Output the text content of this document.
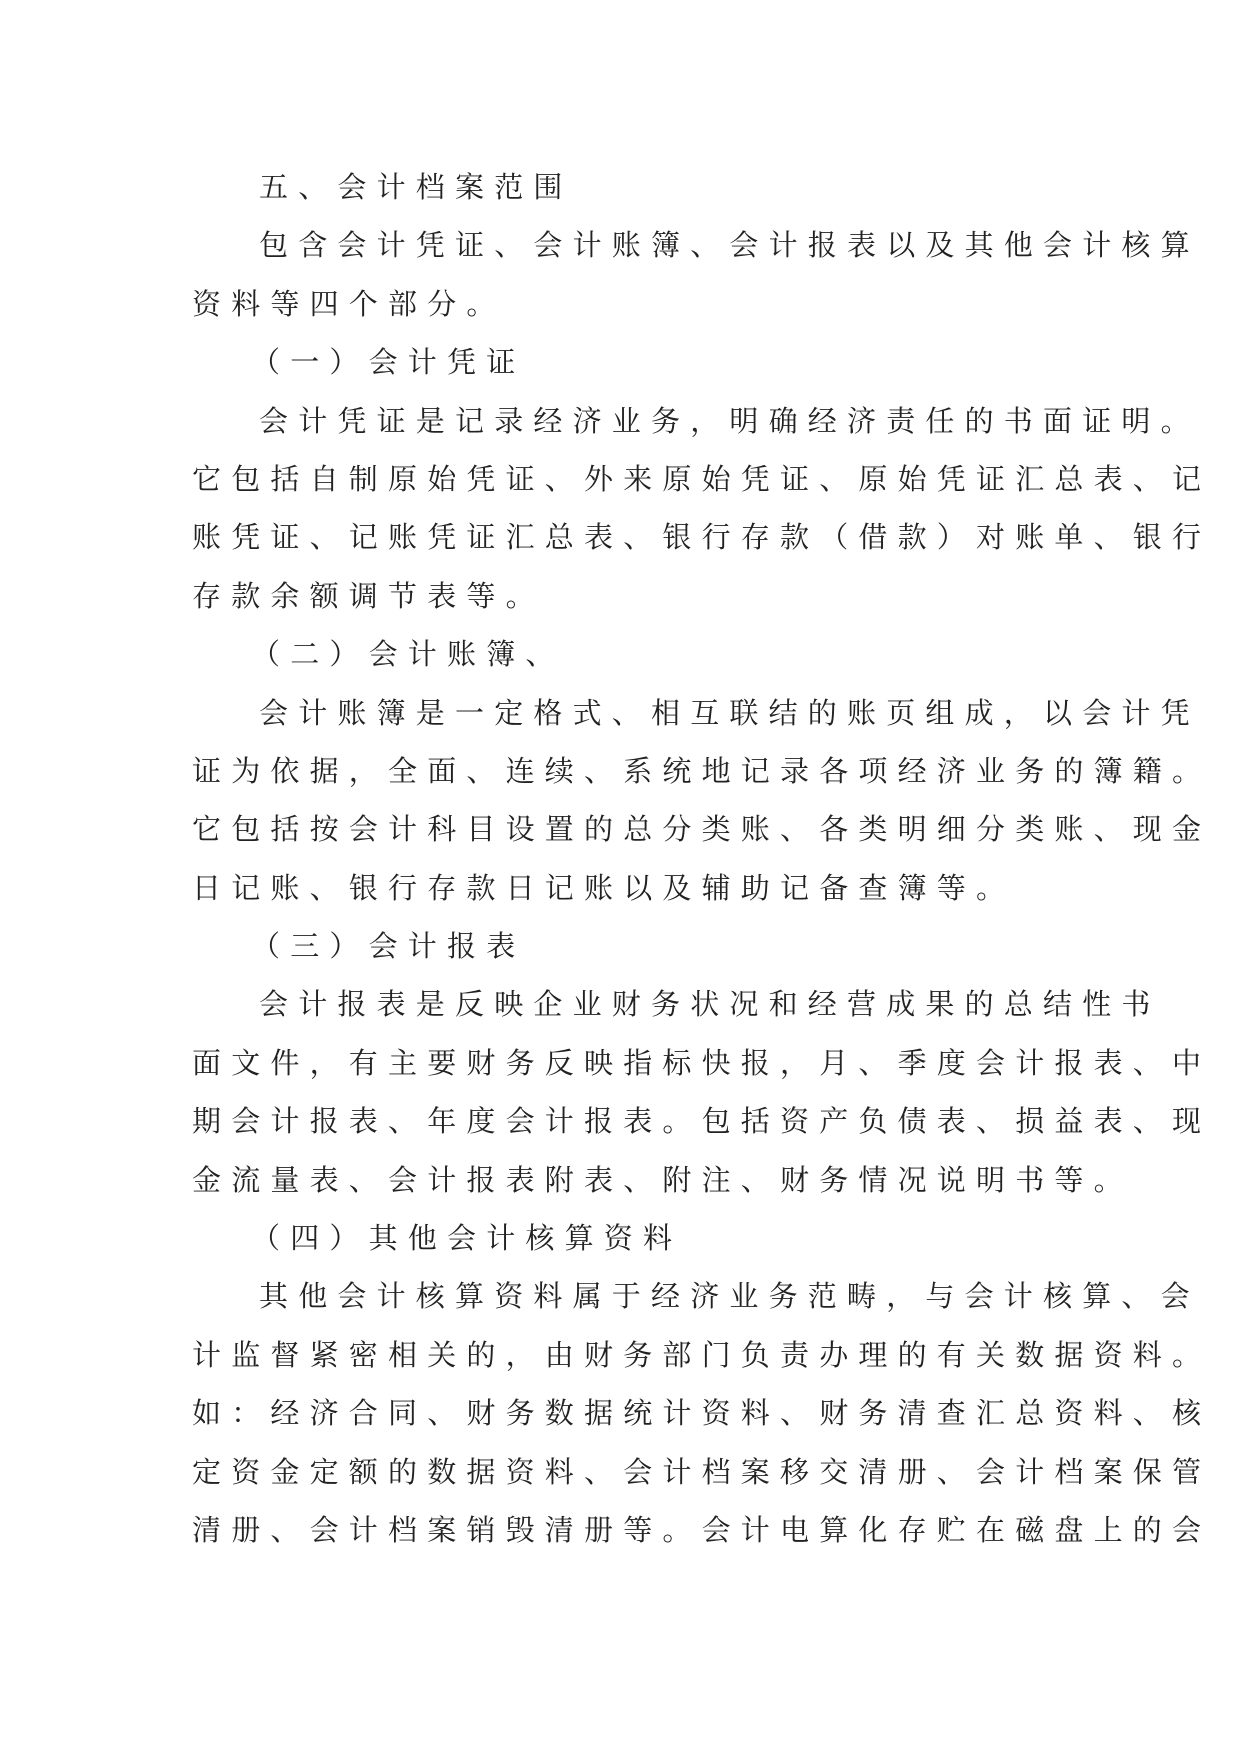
五、会计档案范围
包含会计凭证、会计账簿、会计报表以及其他会计核算
资料等四个部分。
（一）会计凭证
会计凭证是记录经济业务，明确经济责任的书面证明。
它包括自制原始凭证、外来原始凭证、原始凭证汇总表、记
账凭证、记账凭证汇总表、银行存款（借款）对账单、银行
存款余额调节表等。
（二）会计账簿、
会计账簿是一定格式、相互联结的账页组成，以会计凭
证为依据，全面、连续、系统地记录各项经济业务的簿籍。
它包括按会计科目设置的总分类账、各类明细分类账、现金
日记账、银行存款日记账以及辅助记备查簿等。
（三）会计报表
会计报表是反映企业财务状况和经营成果的总结性书
面文件，有主要财务反映指标快报，月、季度会计报表、中
期会计报表、年度会计报表。包括资产负债表、损益表、现
金流量表、会计报表附表、附注、财务情况说明书等。
（四）其他会计核算资料
其他会计核算资料属于经济业务范畴，与会计核算、会
计监督紧密相关的，由财务部门负责办理的有关数据资料。
如：经济合同、财务数据统计资料、财务清查汇总资料、核
定资金定额的数据资料、会计档案移交清册、会计档案保管
清册、会计档案销毁清册等。会计电算化存贮在磁盘上的会
